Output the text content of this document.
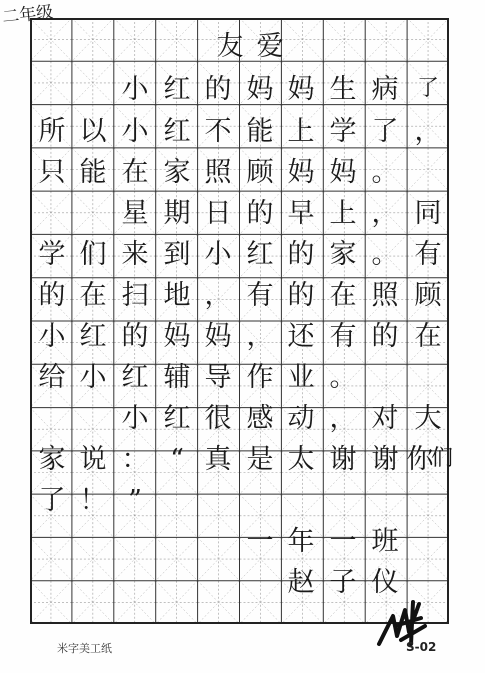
二年级
友 爱
小 红 的 妈 妈 生 病 了
所 以 小 红 不 能 上 学 了 ，
只 能 在 家 照 顾 妈 妈 。
星 期 日 的 早 上 ， 同
学 们 来 到 小 红 的 家 。 有
的 在 扫 地 ， 有 的 在 照 顾
小 红 的 妈 妈 ， 还 有 的 在
给 小 红 辅 导 作 业 。
小 红 很 感 动 ， 对 大
家 说 ： “ 真 是 太 谢 谢 你
们
了 ！ ”
一 年 一 班
赵 子 仪
米字美工纸	S-02
